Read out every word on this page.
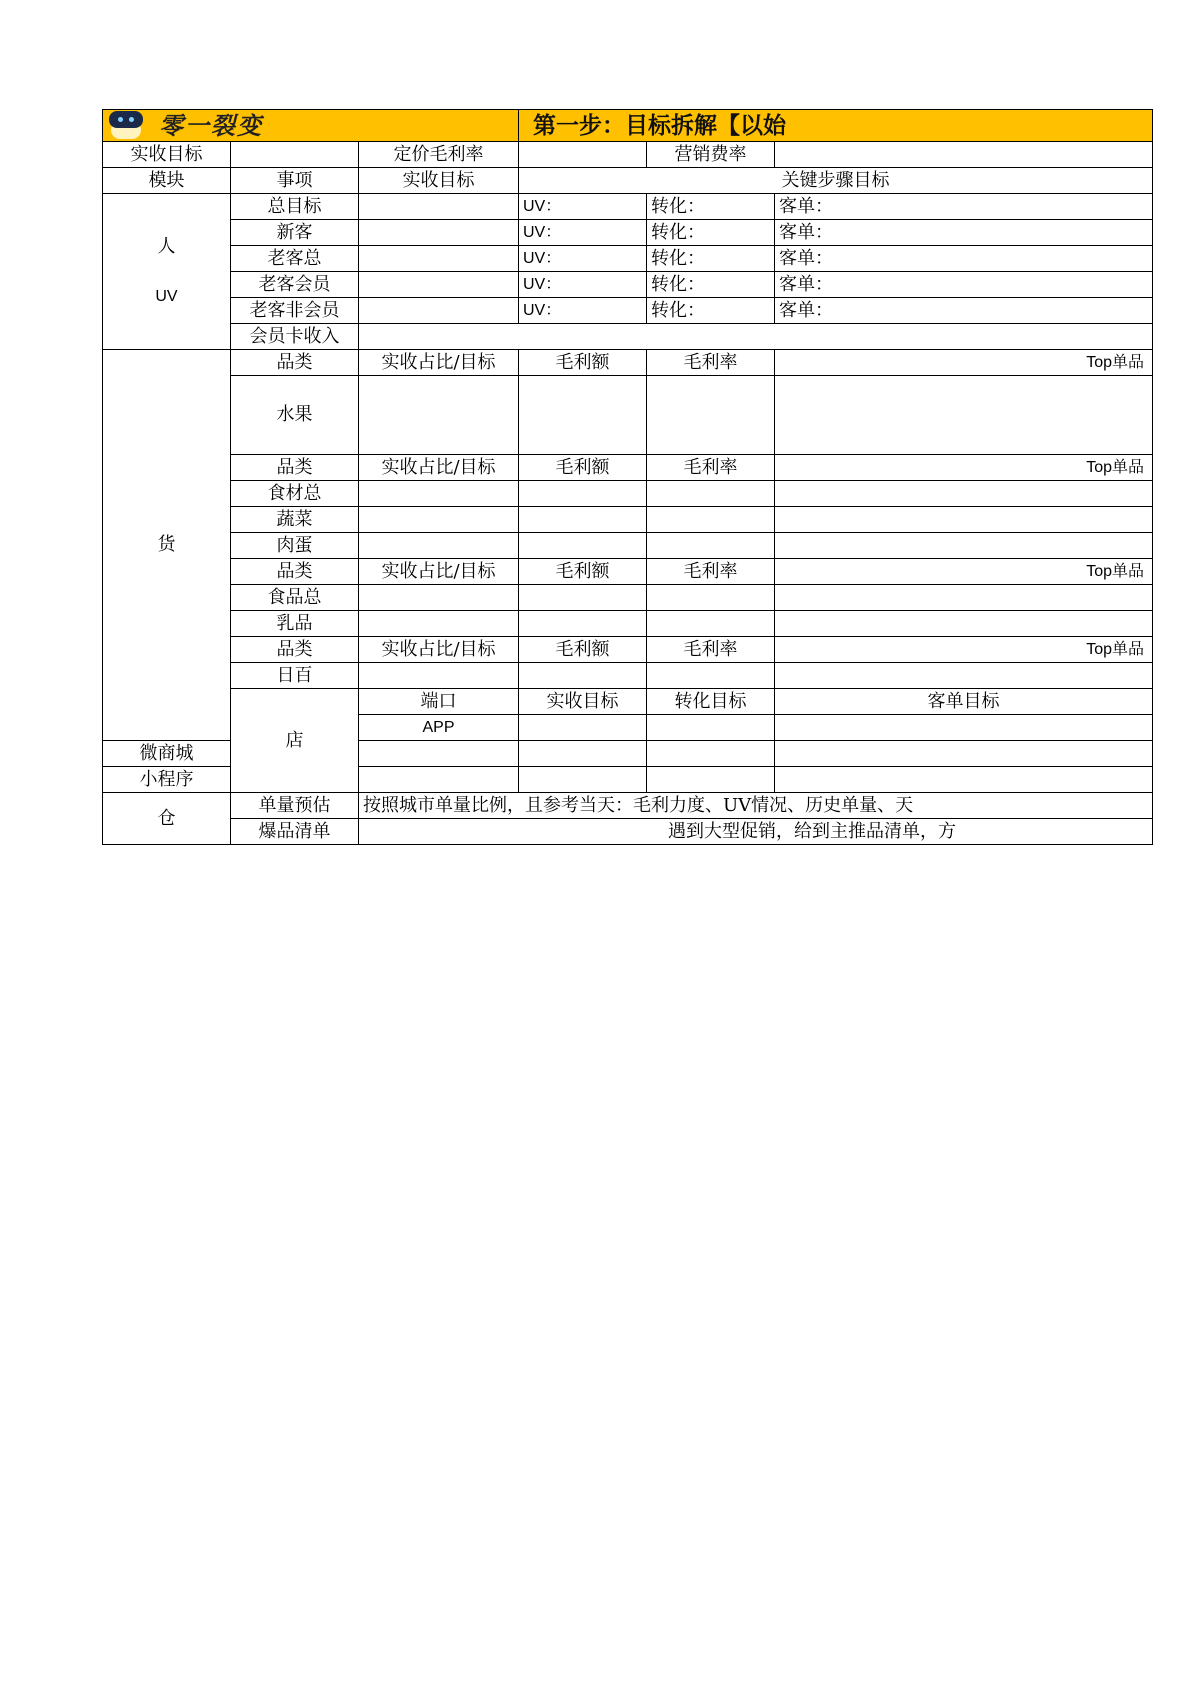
零一裂变			第一步：目标拆解【以始			
实收目标		定价毛利率		营销费率		
模块	事项	实收目标	关键步骤目标			

人
UV	总目标		UV：	转化：	客单：	
	新客		UV：	转化：	客单：	
	老客总		UV：	转化：	客单：	
	老客会员		UV：	转化：	客单：	
	老客非会员		UV：	转化：	客单：	
	会员卡收入					
货	品类	实收占比/目标	毛利额	毛利率	Top单品	
	水果					
	品类	实收占比/目标	毛利额	毛利率	Top单品	
	食材总					
	蔬菜					
	肉蛋					
	品类	实收占比/目标	毛利额	毛利率	Top单品	
	食品总					
	乳品					
	品类	实收占比/目标	毛利额	毛利率	Top单品	
	日百					
	店	端口	实收目标	转化目标	客单目标	
		APP				
微商城						
小程序						
仓	单量预估	按照城市单量比例，且参考当天：毛利力度、UV情况、历史单量、天				
	爆品清单	遇到大型促销，给到主推品清单，方				
